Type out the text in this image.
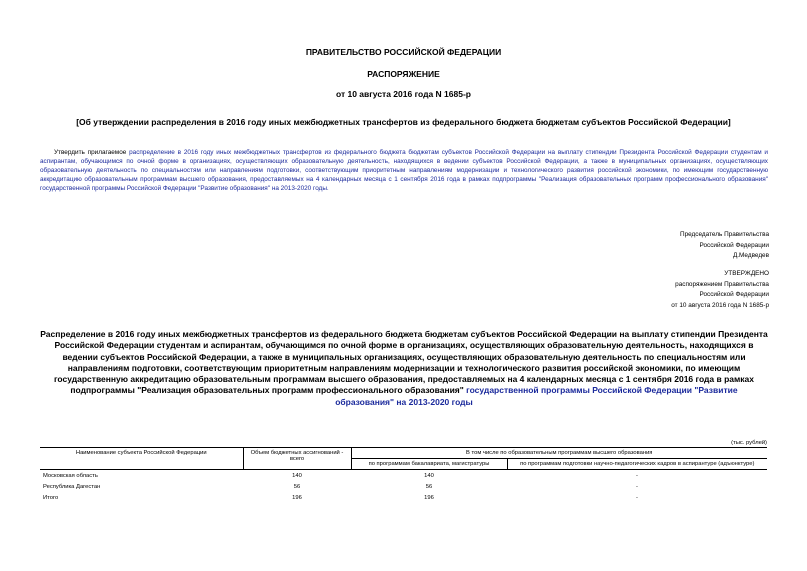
ПРАВИТЕЛЬСТВО РОССИЙСКОЙ ФЕДЕРАЦИИ
РАСПОРЯЖЕНИЕ
от 10 августа 2016 года N 1685-р
[Об утверждении распределения в 2016 году иных межбюджетных трансфертов из федерального бюджета бюджетам субъектов Российской Федерации]
Утвердить прилагаемое распределение в 2016 году иных межбюджетных трансфертов из федерального бюджета бюджетам субъектов Российской Федерации на выплату стипендии Президента Российской Федерации студентам и аспирантам, обучающимся по очной форме в организациях, осуществляющих образовательную деятельность, находящихся в ведении субъектов Российской Федерации, а также в муниципальных организациях, осуществляющих образовательную деятельность по специальностям или направлениям подготовки, соответствующим приоритетным направлениям модернизации и технологического развития российской экономики, по имеющим государственную аккредитацию образовательным программам высшего образования, предоставляемых на 4 календарных месяца с 1 сентября 2016 года в рамках подпрограммы "Реализация образовательных программ профессионального образования" государственной программы Российской Федерации "Развитие образования" на 2013-2020 годы.
Председатель Правительства
Российской Федерации
Д.Медведев
УТВЕРЖДЕНО
распоряжением Правительства
Российской Федерации
от 10 августа 2016 года N 1685-р
Распределение в 2016 году иных межбюджетных трансфертов из федерального бюджета бюджетам субъектов Российской Федерации на выплату стипендии Президента Российской Федерации студентам и аспирантам, обучающимся по очной форме в организациях, осуществляющих образовательную деятельность, находящихся в ведении субъектов Российской Федерации, а также в муниципальных организациях, осуществляющих образовательную деятельность по специальностям или направлениям подготовки, соответствующим приоритетным направлениям модернизации и технологического развития российской экономики, по имеющим государственную аккредитацию образовательным программам высшего образования, предоставляемых на 4 календарных месяца с 1 сентября 2016 года в рамках подпрограммы "Реализация образовательных программ профессионального образования" государственной программы Российской Федерации "Развитие образования" на 2013-2020 годы
(тыс. рублей)
Наименование субъекта Российской Федерации	Объем бюджетных ассигнований - всего	В том числе по образовательным программам высшего образования	
		по программам бакалавриата, магистратуры	по программам подготовки научно-педагогических кадров в аспирантуре (адъюнктуре)
Московская область	140	140	-
Республика Дагестан	56	56	-
Итого	196	196	-
